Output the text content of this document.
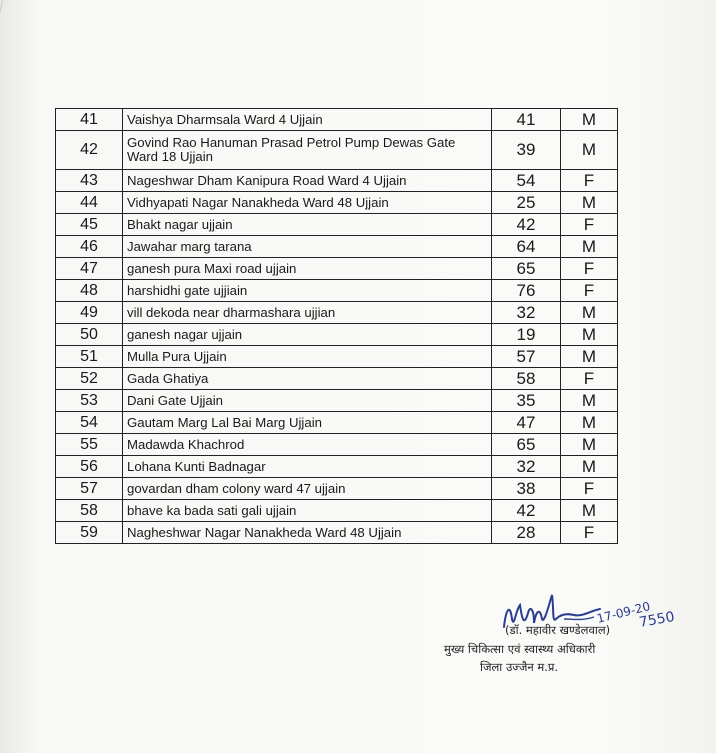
41	Vaishya Dharmsala Ward 4 Ujjain	41	M
42	Govind Rao Hanuman Prasad Petrol Pump Dewas Gate Ward 18 Ujjain	39	M
43	Nageshwar Dham Kanipura Road Ward 4 Ujjain	54	F
44	Vidhyapati Nagar Nanakheda Ward 48 Ujjain	25	M
45	Bhakt nagar ujjain	42	F
46	Jawahar marg tarana	64	M
47	ganesh pura Maxi road ujjain	65	F
48	harshidhi gate ujjiain	76	F
49	vill dekoda near dharmashara ujjian	32	M
50	ganesh nagar ujjain	19	M
51	Mulla Pura Ujjain	57	M
52	Gada Ghatiya	58	F
53	Dani Gate Ujjain	35	M
54	Gautam Marg Lal Bai Marg Ujjain	47	M
55	Madawda Khachrod	65	M
56	Lohana Kunti Badnagar	32	M
57	govardan dham colony ward 47 ujjain	38	F
58	bhave ka bada sati gali ujjain	42	M
59	Nagheshwar Nagar Nanakheda Ward 48 Ujjain	28	F
17-09-20
7550
(डॉ. महावीर खण्डेलवाल)
मुख्य चिकित्सा एवं स्वास्थ्य अधिकारी
जिला उज्जैन म.प्र.
